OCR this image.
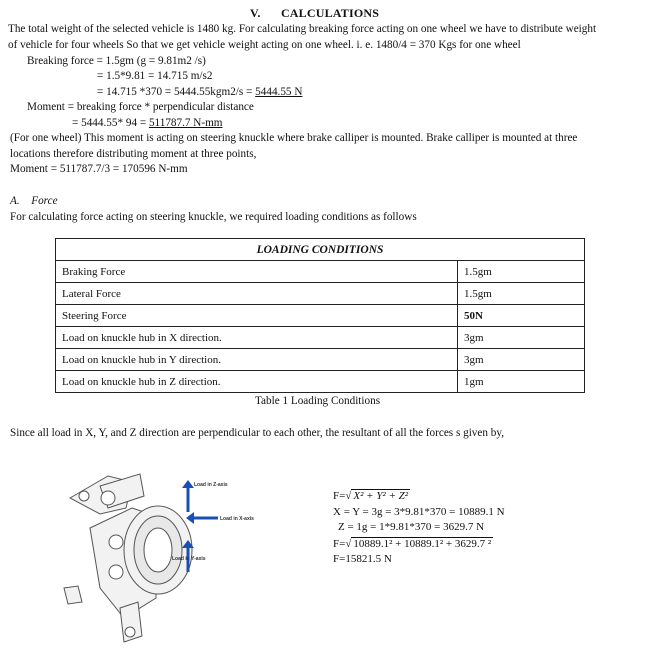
V. CALCULATIONS
The total weight of the selected vehicle is 1480 kg. For calculating breaking force acting on one wheel we have to distribute weight
of vehicle for four wheels So that we get vehicle weight acting on one wheel. i. e. 1480/4 = 370 Kgs for one wheel
Breaking force = 1.5gm (g = 9.81m2 /s)
= 1.5*9.81 = 14.715 m/s2
= 14.715 *370 = 5444.55kgm2/s = 5444.55 N
Moment = breaking force * perpendicular distance
= 5444.55* 94 = 511787.7 N-mm
(For one wheel) This moment is acting on steering knuckle where brake calliper is mounted. Brake calliper is mounted at three
locations therefore distributing moment at three points,
Moment = 511787.7/3 = 170596 N-mm
A. Force
For calculating force acting on steering knuckle, we required loading conditions as follows
LOADING CONDITIONS	
Braking Force	1.5gm
Lateral Force	1.5gm
Steering Force	50N
Load on knuckle hub in X direction.	3gm
Load on knuckle hub in Y direction.	3gm
Load on knuckle hub in Z direction.	1gm
Table 1 Loading Conditions
Since all load in X, Y, and Z direction are perpendicular to each other, the resultant of all the forces s given by,
Load in Z-axis
Load in X-axis
Load in Y-axis
F=√ X² + Y² + Z²
X = Y = 3g = 3*9.81*370 = 10889.1 N
Z = 1g = 1*9.81*370 = 3629.7 N
F=√ 10889.1² + 10889.1² + 3629.7 ²
F=15821.5 N
